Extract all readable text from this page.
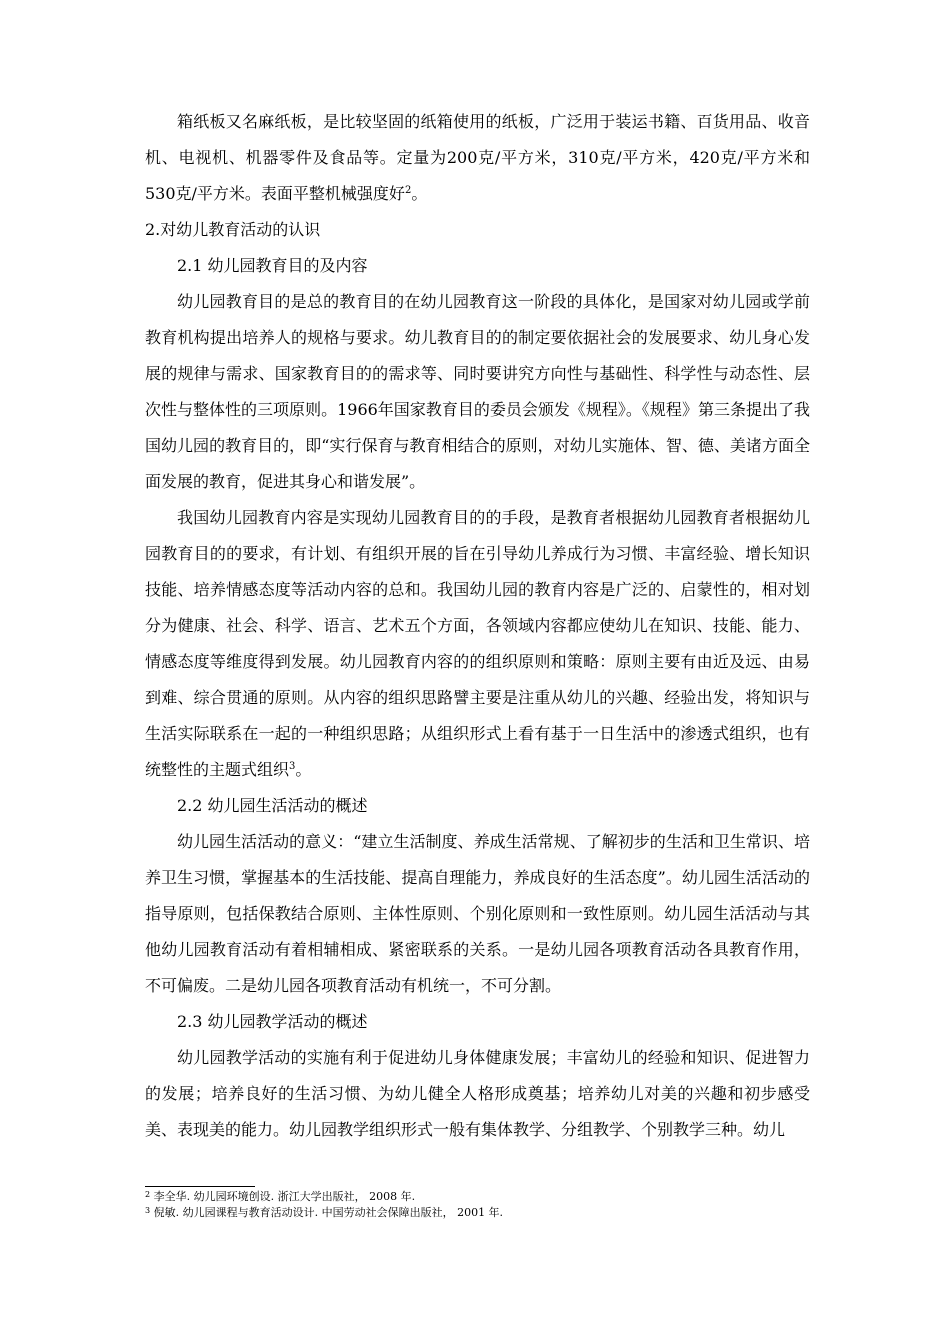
箱纸板又名麻纸板，是比较坚固的纸箱使用的纸板，广泛用于装运书籍、百货用品、收音机、电视机、机器零件及食品等。定量为200克/平方米，310克/平方米，420克/平方米和530克/平方米。表面平整机械强度好$^2$。

2.对幼儿教育活动的认识

2.1 幼儿园教育目的及内容

幼儿园教育目的是总的教育目的在幼儿园教育这一阶段的具体化，是国家对幼儿园或学前教育机构提出培养人的规格与要求。幼儿教育目的的制定要依据社会的发展要求、幼儿身心发展的规律与需求、国家教育目的的需求等、同时要讲究方向性与基础性、科学性与动态性、层次性与整体性的三项原则。1966年国家教育目的委员会颁发《规程》。《规程》第三条提出了我国幼儿园的教育目的，即“实行保育与教育相结合的原则，对幼儿实施体、智、德、美诸方面全面发展的教育，促进其身心和谐发展”。

我国幼儿园教育内容是实现幼儿园教育目的的手段，是教育者根据幼儿园教育者根据幼儿园教育目的的要求，有计划、有组织开展的旨在引导幼儿养成行为习惯、丰富经验、增长知识技能、培养情感态度等活动内容的总和。我国幼儿园的教育内容是广泛的、启蒙性的，相对划分为健康、社会、科学、语言、艺术五个方面，各领域内容都应使幼儿在知识、技能、能力、情感态度等维度得到发展。幼儿园教育内容的的组织原则和策略：原则主要有由近及远、由易到难、综合贯通的原则。从内容的组织思路譬主要是注重从幼儿的兴趣、经验出发，将知识与生活实际联系在一起的一种组织思路；从组织形式上看有基于一日生活中的渗透式组织，也有统整性的主题式组织$^3$。

2.2 幼儿园生活活动的概述

幼儿园生活活动的意义：“建立生活制度、养成生活常规、了解初步的生活和卫生常识、培养卫生习惯，掌握基本的生活技能、提高自理能力，养成良好的生活态度”。幼儿园生活活动的指导原则，包括保教结合原则、主体性原则、个别化原则和一致性原则。幼儿园生活活动与其他幼儿园教育活动有着相辅相成、紧密联系的关系。一是幼儿园各项教育活动各具教育作用，不可偏废。二是幼儿园各项教育活动有机统一，不可分割。

2.3 幼儿园教学活动的概述

幼儿园教学活动的实施有利于促进幼儿身体健康发展；丰富幼儿的经验和知识、促进智力的发展；培养良好的生活习惯、为幼儿健全人格形成奠基；培养幼儿对美的兴趣和初步感受美、表现美的能力。幼儿园教学组织形式一般有集体教学、分组教学、个别教学三种。幼儿

$^2$ 李全华. 幼儿园环境创设. 浙江大学出版社， 2008 年.
$^3$ 倪敏. 幼儿园课程与教育活动设计. 中国劳动社会保障出版社， 2001 年.
